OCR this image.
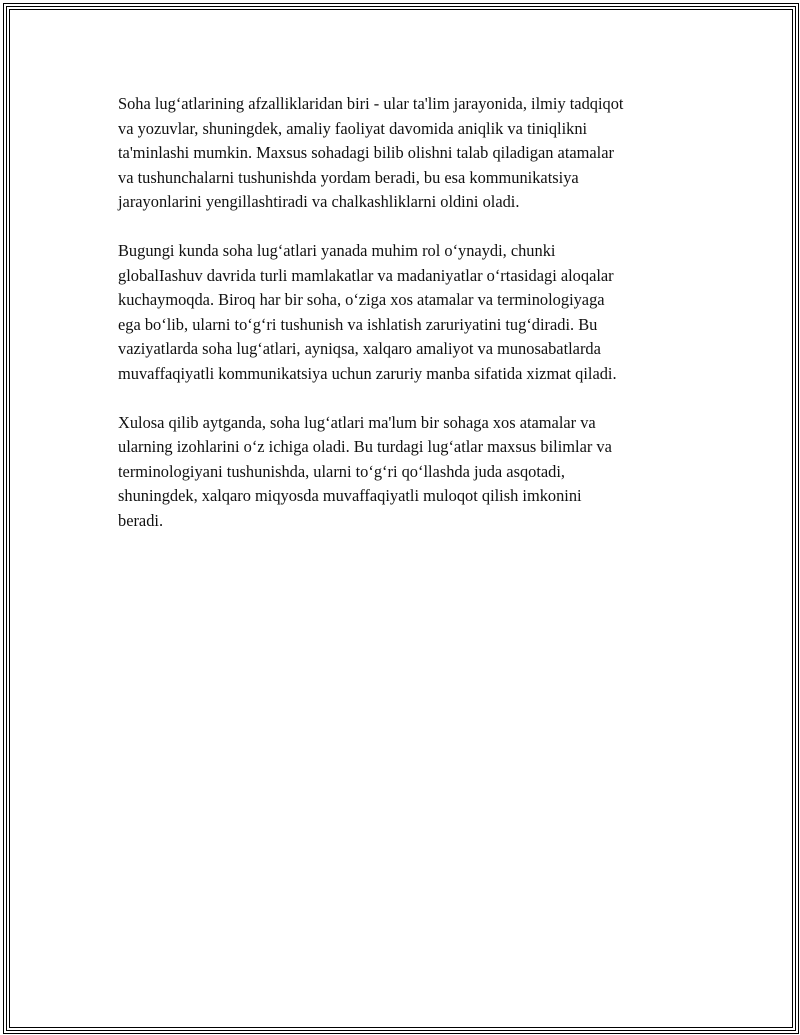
Soha lugʻatlarining afzalliklaridan biri - ular ta'lim jarayonida, ilmiy tadqiqot
va yozuvlar, shuningdek, amaliy faoliyat davomida aniqlik va tiniqlikni
ta'minlashi mumkin. Maxsus sohadagi bilib olishni talab qiladigan atamalar
va tushunchalarni tushunishda yordam beradi, bu esa kommunikatsiya
jarayonlarini yengillashtiradi va chalkashliklarni oldini oladi.

Bugungi kunda soha lugʻatlari yanada muhim rol oʻynaydi, chunki
globalIashuv davrida turli mamlakatlar va madaniyatlar oʻrtasidagi aloqalar
kuchaymoqda. Biroq har bir soha, oʻziga xos atamalar va terminologiyaga
ega boʻlib, ularni toʻgʻri tushunish va ishlatish zaruriyatini tugʻdiradi. Bu
vaziyatlarda soha lugʻatlari, ayniqsa, xalqaro amaliyot va munosabatlarda
muvaffaqiyatli kommunikatsiya uchun zaruriy manba sifatida xizmat qiladi.

Xulosa qilib aytganda, soha lugʻatlari ma'lum bir sohaga xos atamalar va
ularning izohlarini oʻz ichiga oladi. Bu turdagi lugʻatlar maxsus bilimlar va
terminologiyani tushunishda, ularni toʻgʻri qoʻllashda juda asqotadi,
shuningdek, xalqaro miqyosda muvaffaqiyatli muloqot qilish imkonini
beradi.
